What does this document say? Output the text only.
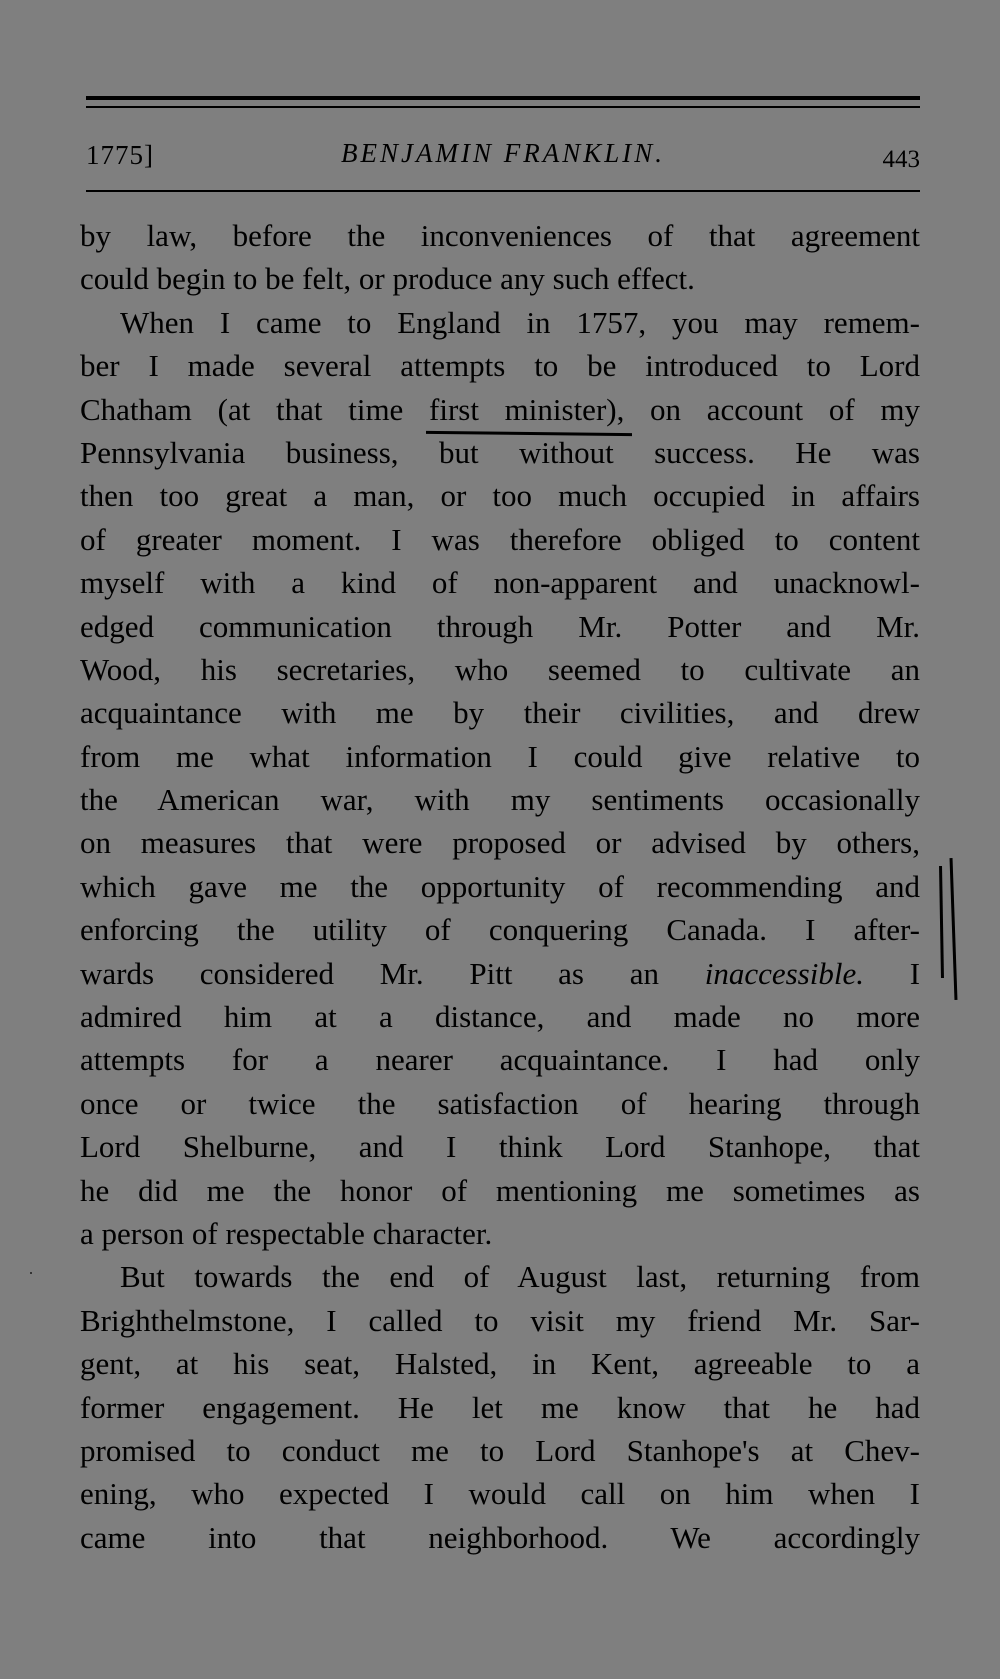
1775]	BENJAMIN FRANKLIN.	443
by law, before the inconveniences of that agreement
could begin to be felt, or produce any such effect.
When I came to England in 1757, you may remem-
ber I made several attempts to be introduced to Lord
Chatham (at that time first minister), on account of my
Pennsylvania business, but without success. He was
then too great a man, or too much occupied in affairs
of greater moment. I was therefore obliged to content
myself with a kind of non-apparent and unacknowl-
edged communication through Mr. Potter and Mr.
Wood, his secretaries, who seemed to cultivate an
acquaintance with me by their civilities, and drew
from me what information I could give relative to
the American war, with my sentiments occasionally
on measures that were proposed or advised by others,
which gave me the opportunity of recommending and
enforcing the utility of conquering Canada. I after-
wards considered Mr. Pitt as an inaccessible. I
admired him at a distance, and made no more
attempts for a nearer acquaintance. I had only
once or twice the satisfaction of hearing through
Lord Shelburne, and I think Lord Stanhope, that
he did me the honor of mentioning me sometimes as
a person of respectable character.
But towards the end of August last, returning from
Brighthelmstone, I called to visit my friend Mr. Sar-
gent, at his seat, Halsted, in Kent, agreeable to a
former engagement. He let me know that he had
promised to conduct me to Lord Stanhope's at Chev-
ening, who expected I would call on him when I
came into that neighborhood. We accordingly
